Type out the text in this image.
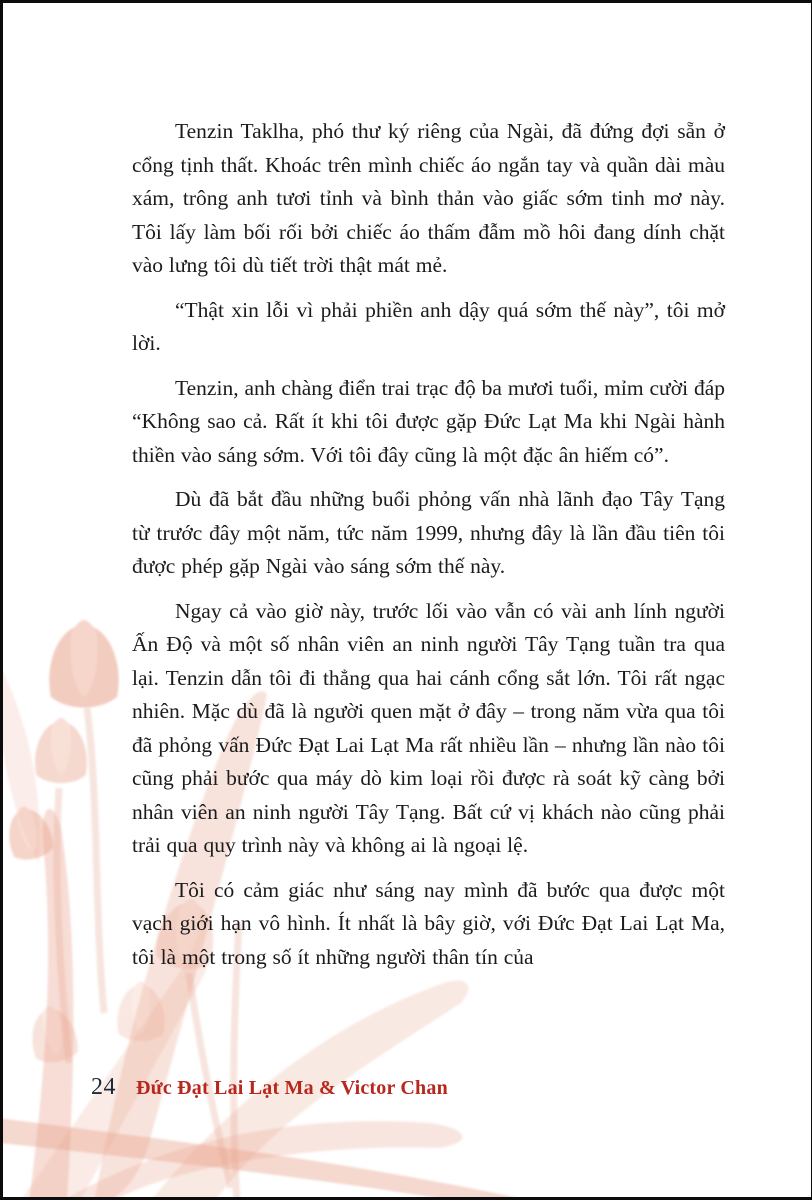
Tenzin Taklha, phó thư ký riêng của Ngài, đã đứng đợi sẵn ở cổng tịnh thất. Khoác trên mình chiếc áo ngắn tay và quần dài màu xám, trông anh tươi tỉnh và bình thản vào giấc sớm tinh mơ này. Tôi lấy làm bối rối bởi chiếc áo thấm đẫm mồ hôi đang dính chặt vào lưng tôi dù tiết trời thật mát mẻ.

“Thật xin lỗi vì phải phiền anh dậy quá sớm thế này”, tôi mở lời.

Tenzin, anh chàng điển trai trạc độ ba mươi tuổi, mỉm cười đáp “Không sao cả. Rất ít khi tôi được gặp Đức Lạt Ma khi Ngài hành thiền vào sáng sớm. Với tôi đây cũng là một đặc ân hiếm có”.

Dù đã bắt đầu những buổi phỏng vấn nhà lãnh đạo Tây Tạng từ trước đây một năm, tức năm 1999, nhưng đây là lần đầu tiên tôi được phép gặp Ngài vào sáng sớm thế này.

Ngay cả vào giờ này, trước lối vào vẫn có vài anh lính người Ấn Độ và một số nhân viên an ninh người Tây Tạng tuần tra qua lại. Tenzin dẫn tôi đi thẳng qua hai cánh cổng sắt lớn. Tôi rất ngạc nhiên. Mặc dù đã là người quen mặt ở đây – trong năm vừa qua tôi đã phỏng vấn Đức Đạt Lai Lạt Ma rất nhiều lần – nhưng lần nào tôi cũng phải bước qua máy dò kim loại rồi được rà soát kỹ càng bởi nhân viên an ninh người Tây Tạng. Bất cứ vị khách nào cũng phải trải qua quy trình này và không ai là ngoại lệ.

Tôi có cảm giác như sáng nay mình đã bước qua được một vạch giới hạn vô hình. Ít nhất là bây giờ, với Đức Đạt Lai Lạt Ma, tôi là một trong số ít những người thân tín của

24 Đức Đạt Lai Lạt Ma & Victor Chan
